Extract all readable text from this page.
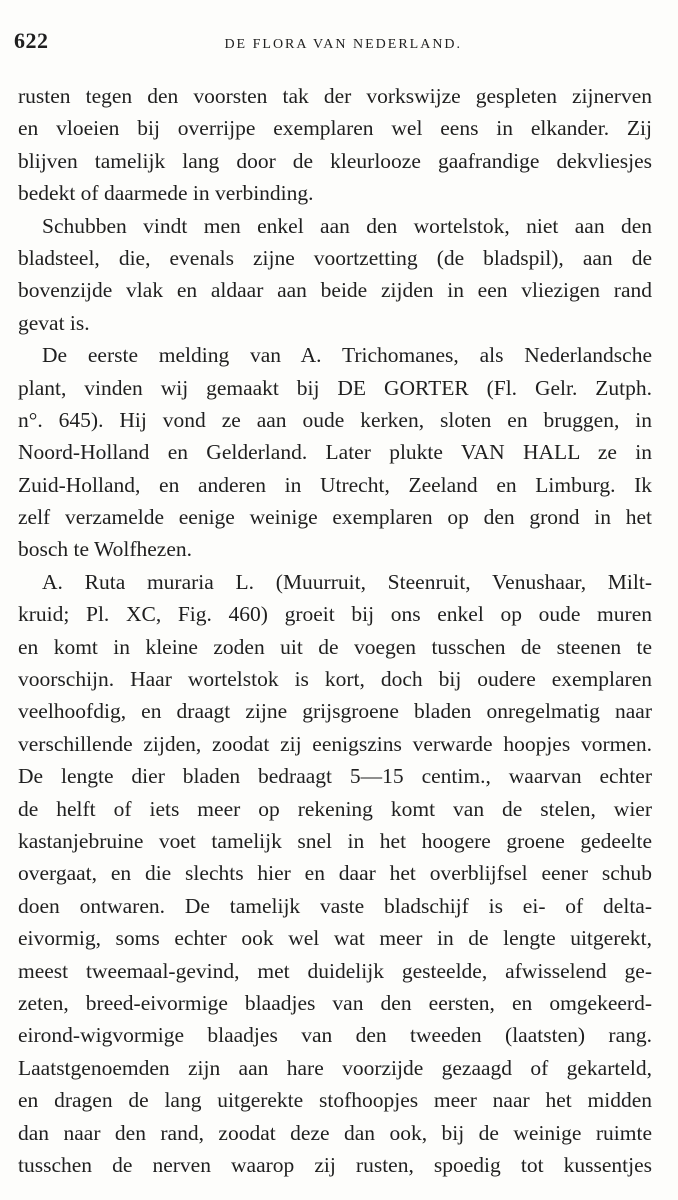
622	DE FLORA VAN NEDERLAND.
rusten tegen den voorsten tak der vorkswijze gespleten zijnerven
en vloeien bij overrijpe exemplaren wel eens in elkander. Zij
blijven tamelijk lang door de kleurlooze gaafrandige dekvliesjes
bedekt of daarmede in verbinding.
Schubben vindt men enkel aan den wortelstok, niet aan den
bladsteel, die, evenals zijne voortzetting (de bladspil), aan de
bovenzijde vlak en aldaar aan beide zijden in een vliezigen rand
gevat is.
De eerste melding van A. Trichomanes, als Nederlandsche
plant, vinden wij gemaakt bij DE GORTER (Fl. Gelr. Zutph.
n°. 645). Hij vond ze aan oude kerken, sloten en bruggen, in
Noord-Holland en Gelderland. Later plukte VAN HALL ze in
Zuid-Holland, en anderen in Utrecht, Zeeland en Limburg. Ik
zelf verzamelde eenige weinige exemplaren op den grond in het
bosch te Wolfhezen.
A. Ruta muraria L. (Muurruit, Steenruit, Venushaar, Milt-
kruid; Pl. XC, Fig. 460) groeit bij ons enkel op oude muren
en komt in kleine zoden uit de voegen tusschen de steenen te
voorschijn. Haar wortelstok is kort, doch bij oudere exemplaren
veelhoofdig, en draagt zijne grijsgroene bladen onregelmatig naar
verschillende zijden, zoodat zij eenigszins verwarde hoopjes vormen.
De lengte dier bladen bedraagt 5—15 centim., waarvan echter
de helft of iets meer op rekening komt van de stelen, wier
kastanjebruine voet tamelijk snel in het hoogere groene gedeelte
overgaat, en die slechts hier en daar het overblijfsel eener schub
doen ontwaren. De tamelijk vaste bladschijf is ei- of delta-
eivormig, soms echter ook wel wat meer in de lengte uitgerekt,
meest tweemaal-gevind, met duidelijk gesteelde, afwisselend ge-
zeten, breed-eivormige blaadjes van den eersten, en omgekeerd-
eirond-wigvormige blaadjes van den tweeden (laatsten) rang.
Laatstgenoemden zijn aan hare voorzijde gezaagd of gekarteld,
en dragen de lang uitgerekte stofhoopjes meer naar het midden
dan naar den rand, zoodat deze dan ook, bij de weinige ruimte
tusschen de nerven waarop zij rusten, spoedig tot kussentjes
